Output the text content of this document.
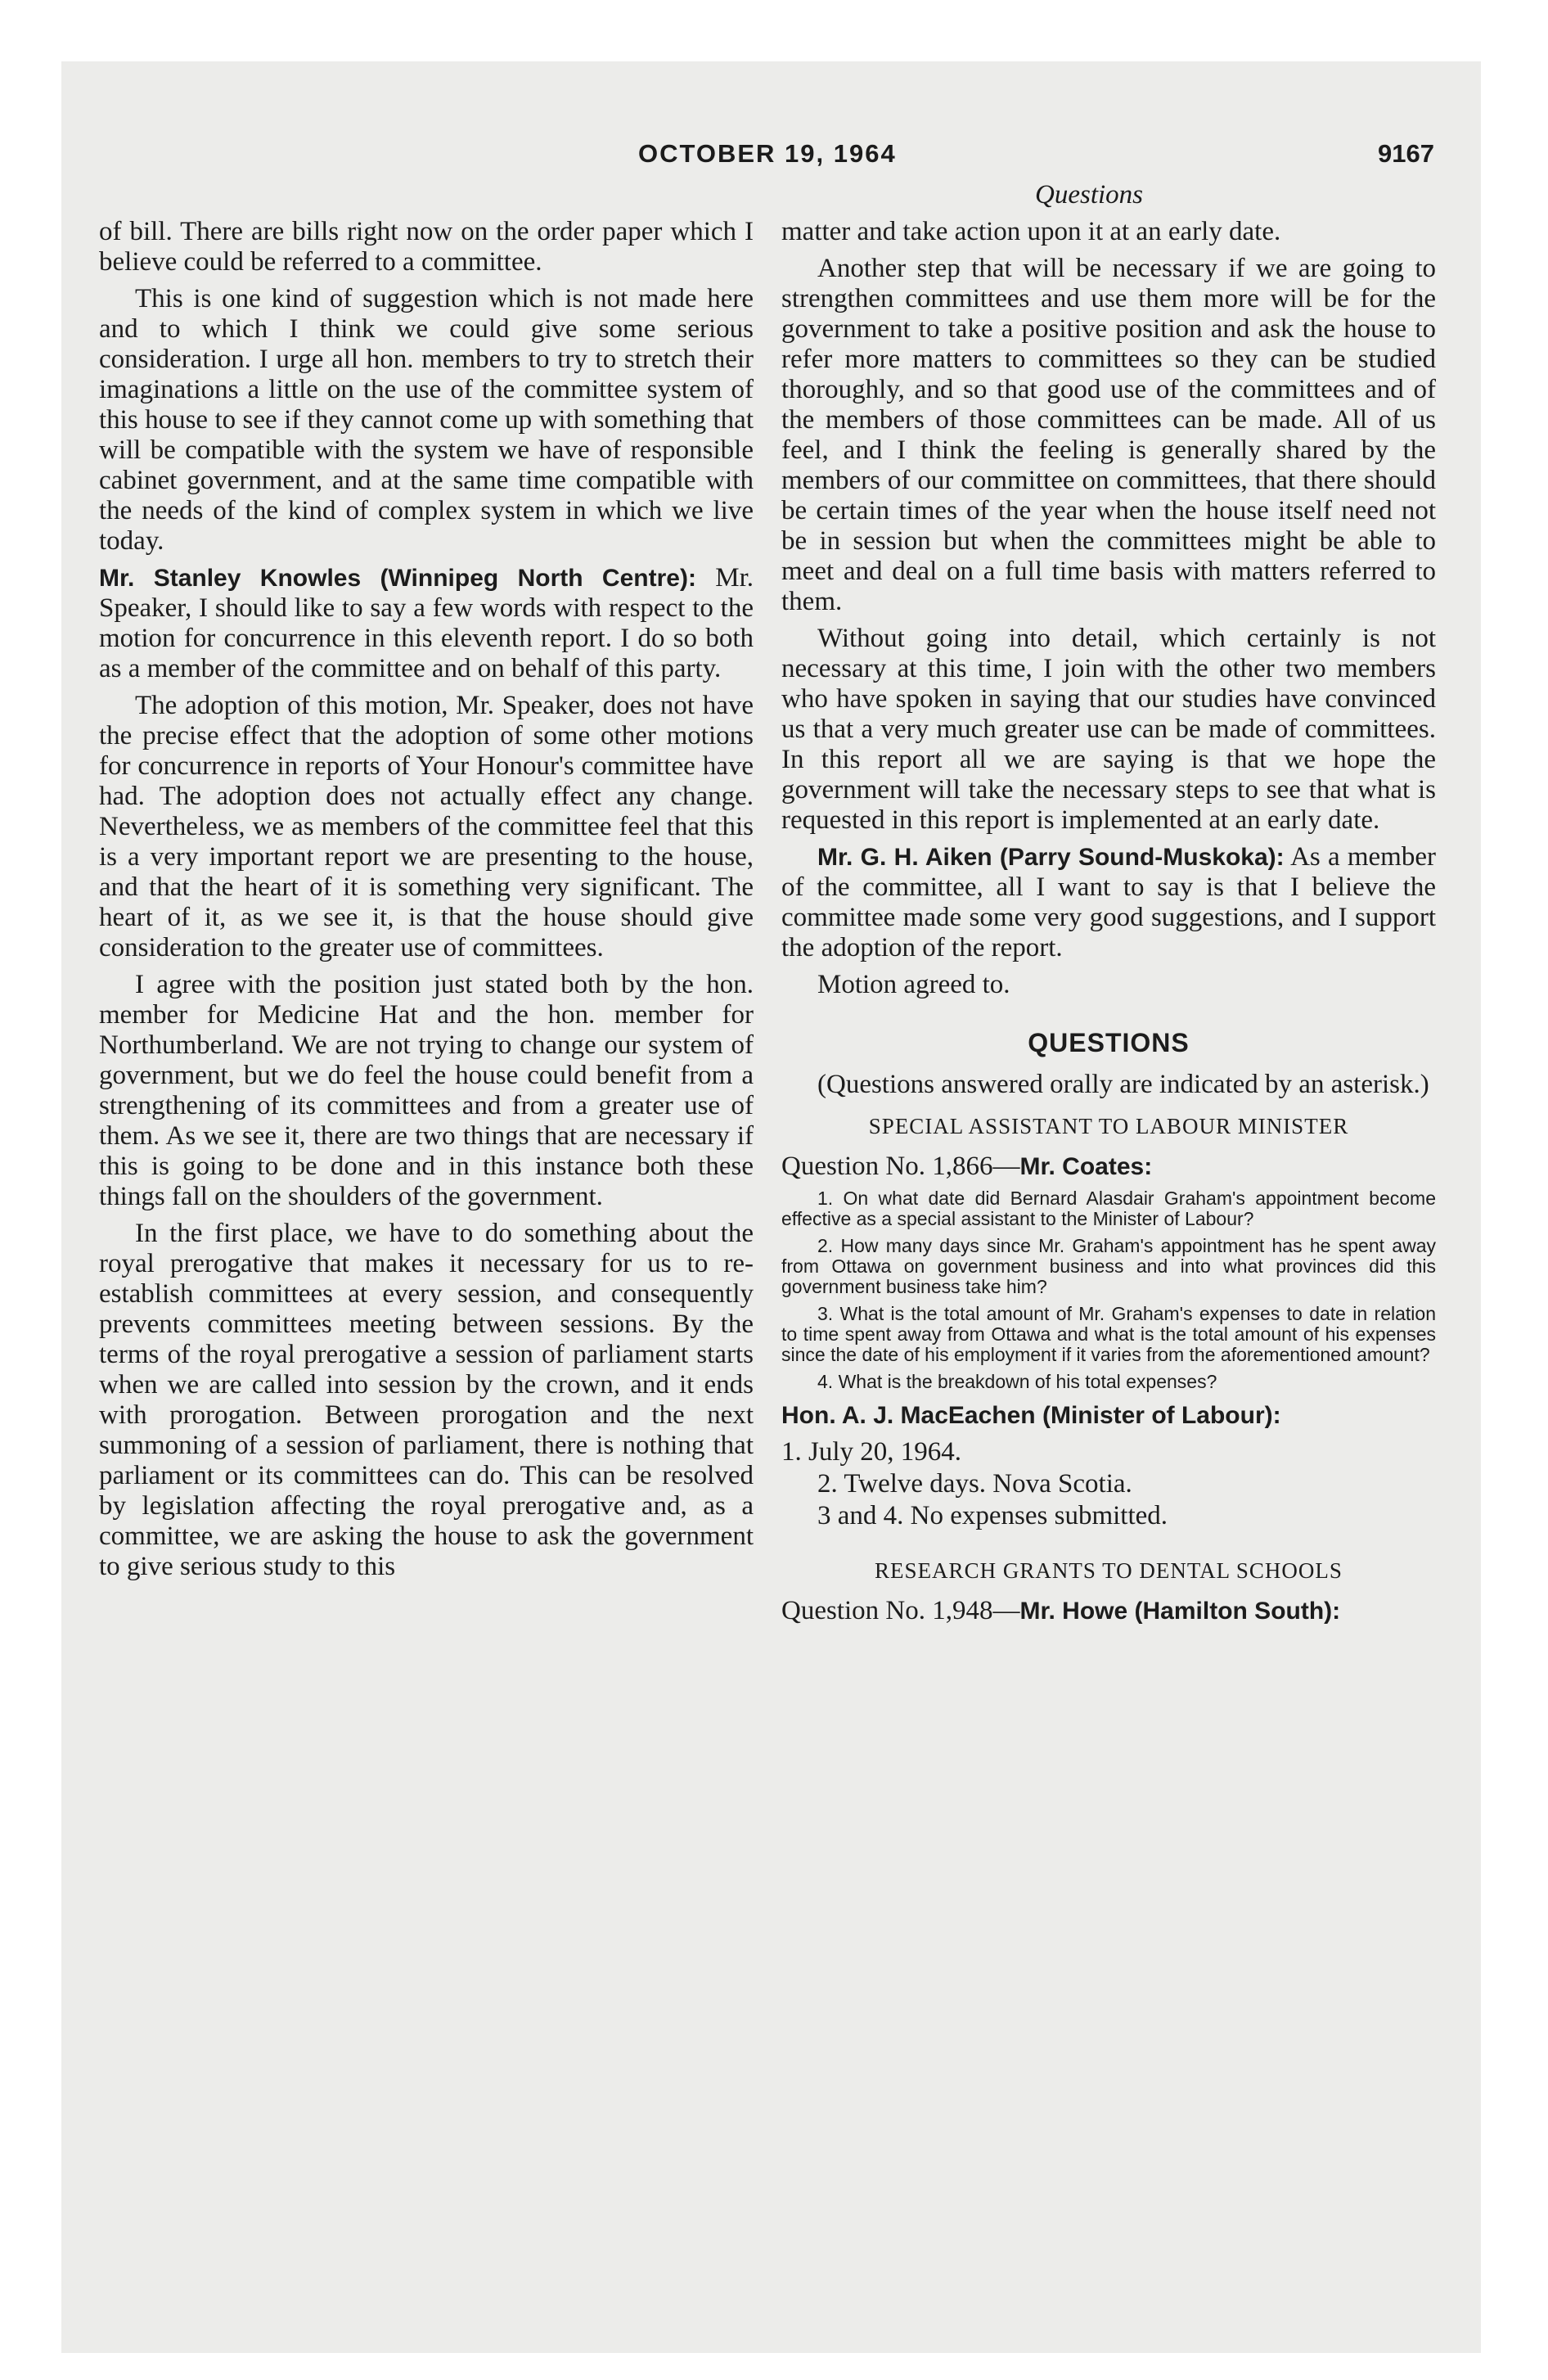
OCTOBER 19, 1964	9167
Questions

of bill. There are bills right now on the order paper which I believe could be referred to a committee.

This is one kind of suggestion which is not made here and to which I think we could give some serious consideration. I urge all hon. members to try to stretch their imaginations a little on the use of the committee system of this house to see if they cannot come up with something that will be compatible with the system we have of responsible cabinet government, and at the same time compatible with the needs of the kind of complex system in which we live today.

Mr. Stanley Knowles (Winnipeg North Centre): Mr. Speaker, I should like to say a few words with respect to the motion for concurrence in this eleventh report. I do so both as a member of the committee and on behalf of this party.

The adoption of this motion, Mr. Speaker, does not have the precise effect that the adoption of some other motions for concurrence in reports of Your Honour's committee have had. The adoption does not actually effect any change. Nevertheless, we as members of the committee feel that this is a very important report we are presenting to the house, and that the heart of it is something very significant. The heart of it, as we see it, is that the house should give consideration to the greater use of committees.

I agree with the position just stated both by the hon. member for Medicine Hat and the hon. member for Northumberland. We are not trying to change our system of government, but we do feel the house could benefit from a strengthening of its committees and from a greater use of them. As we see it, there are two things that are necessary if this is going to be done and in this instance both these things fall on the shoulders of the government.

In the first place, we have to do something about the royal prerogative that makes it necessary for us to re-establish committees at every session, and consequently prevents committees meeting between sessions. By the terms of the royal prerogative a session of parliament starts when we are called into session by the crown, and it ends with prorogation. Between prorogation and the next summoning of a session of parliament, there is nothing that parliament or its committees can do. This can be resolved by legislation affecting the royal prerogative and, as a committee, we are asking the house to ask the government to give serious study to this

matter and take action upon it at an early date.

Another step that will be necessary if we are going to strengthen committees and use them more will be for the government to take a positive position and ask the house to refer more matters to committees so they can be studied thoroughly, and so that good use of the committees and of the members of those committees can be made. All of us feel, and I think the feeling is generally shared by the members of our committee on committees, that there should be certain times of the year when the house itself need not be in session but when the committees might be able to meet and deal on a full time basis with matters referred to them.

Without going into detail, which certainly is not necessary at this time, I join with the other two members who have spoken in saying that our studies have convinced us that a very much greater use can be made of committees. In this report all we are saying is that we hope the government will take the necessary steps to see that what is requested in this report is implemented at an early date.

Mr. G. H. Aiken (Parry Sound-Muskoka): As a member of the committee, all I want to say is that I believe the committee made some very good suggestions, and I support the adoption of the report.

Motion agreed to.

QUESTIONS

(Questions answered orally are indicated by an asterisk.)

SPECIAL ASSISTANT TO LABOUR MINISTER

Question No. 1,866—Mr. Coates:

1. On what date did Bernard Alasdair Graham's appointment become effective as a special assistant to the Minister of Labour?

2. How many days since Mr. Graham's appointment has he spent away from Ottawa on government business and into what provinces did this government business take him?

3. What is the total amount of Mr. Graham's expenses to date in relation to time spent away from Ottawa and what is the total amount of his expenses since the date of his employment if it varies from the aforementioned amount?

4. What is the breakdown of his total expenses?

Hon. A. J. MacEachen (Minister of Labour):

1. July 20, 1964.
2. Twelve days. Nova Scotia.
3 and 4. No expenses submitted.
RESEARCH GRANTS TO DENTAL SCHOOLS

Question No. 1,948—Mr. Howe (Hamilton South):
